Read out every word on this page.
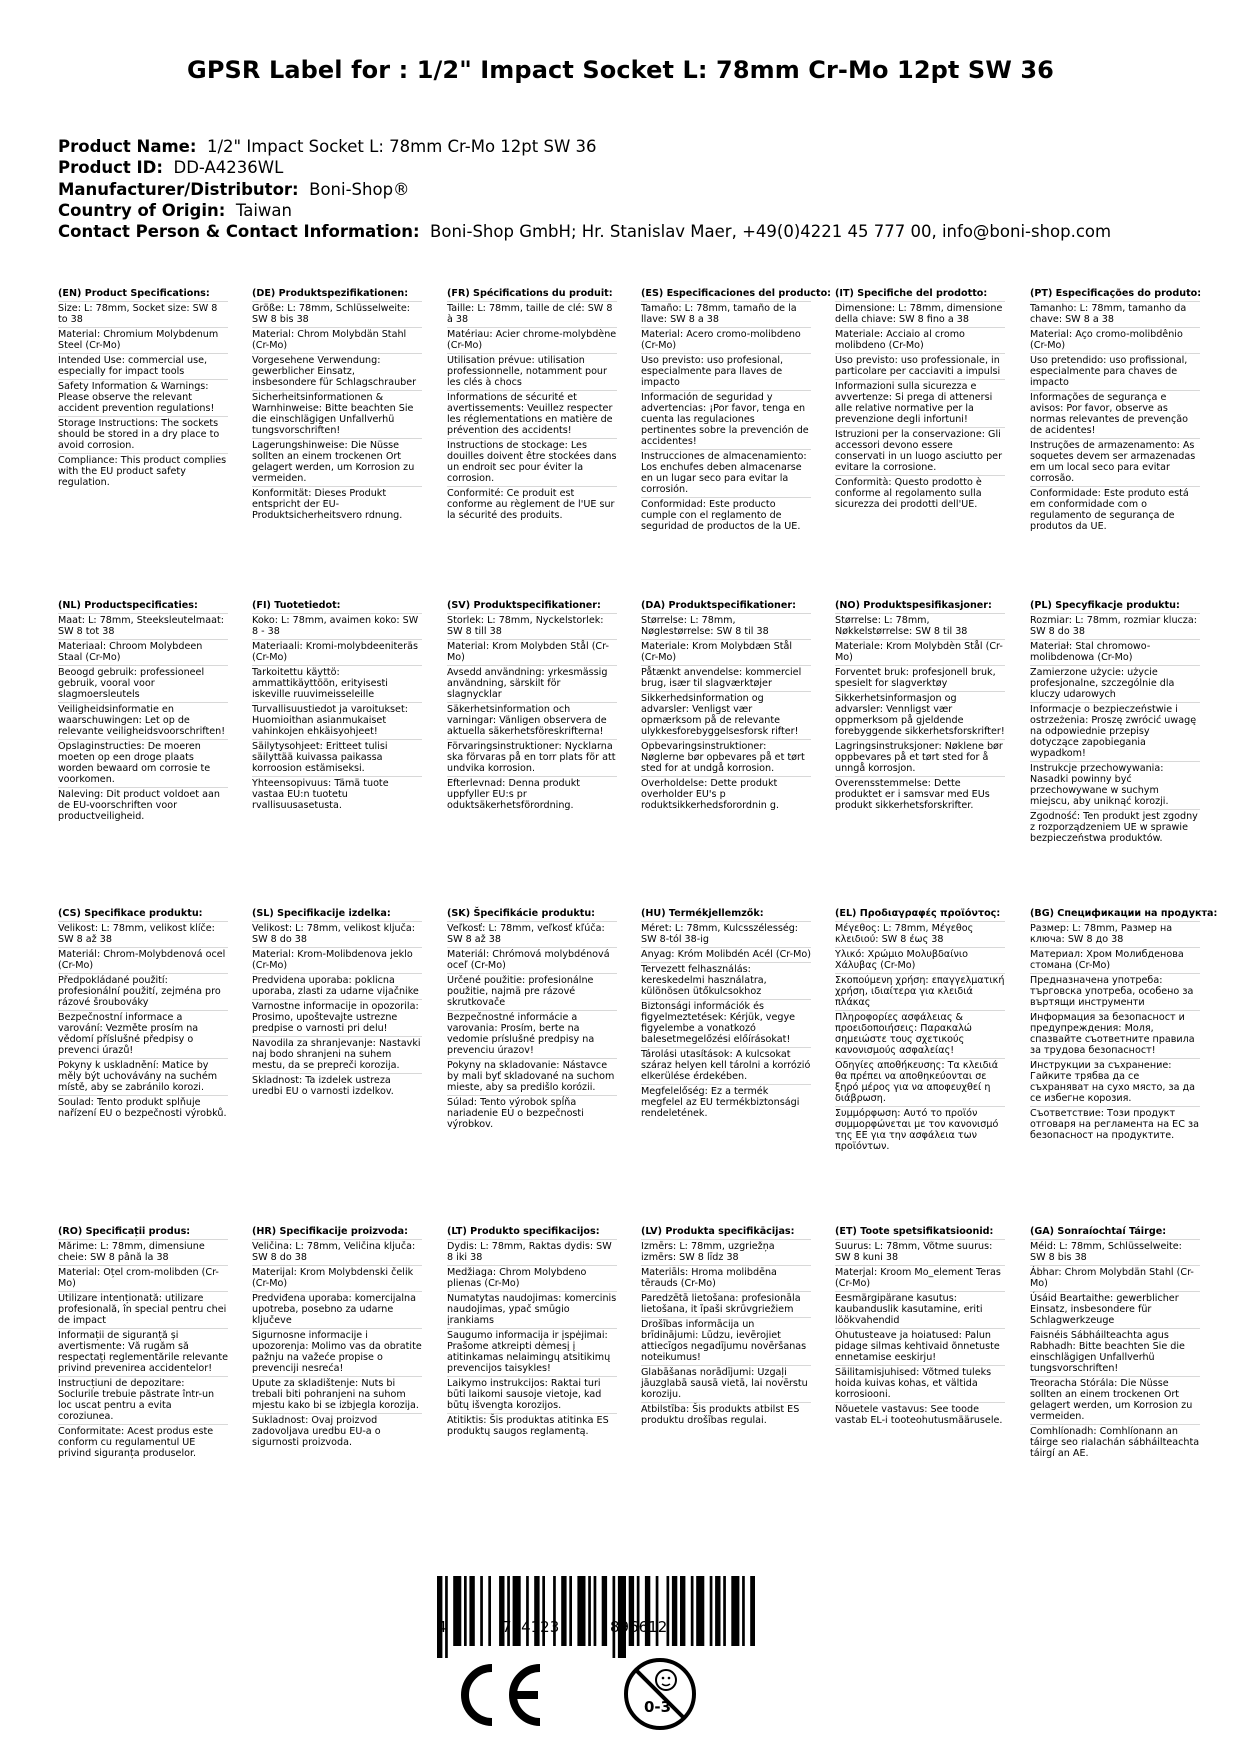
GPSR Label for : 1/2" Impact Socket L: 78mm Cr-Mo 12pt SW 36
Product Name: 1/2" Impact Socket L: 78mm Cr-Mo 12pt SW 36
Product ID: DD-A4236WL
Manufacturer/Distributor: Boni-Shop®
Country of Origin: Taiwan
Contact Person & Contact Information: Boni-Shop GmbH; Hr. Stanislav Maer, +49(0)4221 45 777 00, info@boni-shop.com
(EN) Product Specifications:
Size: L: 78mm, Socket size: SW 8 to 38
Material: Chromium Molybdenum Steel (Cr-Mo)
Intended Use: commercial use, especially for impact tools
Safety Information & Warnings: Please observe the relevant accident prevention regulations!
Storage Instructions: The sockets should be stored in a dry place to avoid corrosion.
Compliance: This product complies with the EU product safety regulation.
(DE) Produktspezifikationen:
Größe: L: 78mm, Schlüsselweite: SW 8 bis 38
Material: Chrom Molybdän Stahl (Cr-Mo)
Vorgesehene Verwendung: gewerblicher Einsatz, insbesondere für Schlagschrauber
Sicherheitsinformationen & Warnhinweise: Bitte beachten Sie die einschlägigen Unfallverhü tungsvorschriften!
Lagerungshinweise: Die Nüsse sollten an einem trockenen Ort gelagert werden, um Korrosion zu vermeiden.
Konformität: Dieses Produkt entspricht der EU-Produktsicherheitsvero rdnung.
(FR) Spécifications du produit:
Taille: L: 78mm, taille de clé: SW 8 à 38
Matériau: Acier chrome-molybdène (Cr-Mo)
Utilisation prévue: utilisation professionnelle, notamment pour les clés à chocs
Informations de sécurité et avertissements: Veuillez respecter les réglementations en matière de prévention des accidents!
Instructions de stockage: Les douilles doivent être stockées dans un endroit sec pour éviter la corrosion.
Conformité: Ce produit est conforme au règlement de l'UE sur la sécurité des produits.
(ES) Especificaciones del producto:
Tamaño: L: 78mm, tamaño de la llave: SW 8 a 38
Material: Acero cromo-molibdeno (Cr-Mo)
Uso previsto: uso profesional, especialmente para llaves de impacto
Información de seguridad y advertencias: ¡Por favor, tenga en cuenta las regulaciones pertinentes sobre la prevención de accidentes!
Instrucciones de almacenamiento: Los enchufes deben almacenarse en un lugar seco para evitar la corrosión.
Conformidad: Este producto cumple con el reglamento de seguridad de productos de la UE.
(IT) Specifiche del prodotto:
Dimensione: L: 78mm, dimensione della chiave: SW 8 fino a 38
Materiale: Acciaio al cromo molibdeno (Cr-Mo)
Uso previsto: uso professionale, in particolare per cacciaviti a impulsi
Informazioni sulla sicurezza e avvertenze: Si prega di attenersi alle relative normative per la prevenzione degli infortuni!
Istruzioni per la conservazione: Gli accessori devono essere conservati in un luogo asciutto per evitare la corrosione.
Conformità: Questo prodotto è conforme al regolamento sulla sicurezza dei prodotti dell'UE.
(PT) Especificações do produto:
Tamanho: L: 78mm, tamanho da chave: SW 8 a 38
Material: Aço cromo-molibdênio (Cr-Mo)
Uso pretendido: uso profissional, especialmente para chaves de impacto
Informações de segurança e avisos: Por favor, observe as normas relevantes de prevenção de acidentes!
Instruções de armazenamento: As soquetes devem ser armazenadas em um local seco para evitar corrosão.
Conformidade: Este produto está em conformidade com o regulamento de segurança de produtos da UE.
(NL) Productspecificaties:
Maat: L: 78mm, Steeksleutelmaat: SW 8 tot 38
Materiaal: Chroom Molybdeen Staal (Cr-Mo)
Beoogd gebruik: professioneel gebruik, vooral voor slagmoersleutels
Veiligheidsinformatie en waarschuwingen: Let op de relevante veiligheidsvoorschriften!
Opslaginstructies: De moeren moeten op een droge plaats worden bewaard om corrosie te voorkomen.
Naleving: Dit product voldoet aan de EU-voorschriften voor productveiligheid.
(FI) Tuotetiedot:
Koko: L: 78mm, avaimen koko: SW 8 - 38
Materiaali: Kromi-molybdeeniteräs (Cr-Mo)
Tarkoitettu käyttö: ammattikäyttöön, erityisesti iskeville ruuvimeisseleille
Turvallisuustiedot ja varoitukset: Huomioithan asianmukaiset vahinkojen ehkäisyohjeet!
Säilytysohjeet: Eritteet tulisi säilyttää kuivassa paikassa korroosion estämiseksi.
Yhteensopivuus: Tämä tuote vastaa EU:n tuotetu rvallisuusasetusta.
(SV) Produktspecifikationer:
Storlek: L: 78mm, Nyckelstorlek: SW 8 till 38
Material: Krom Molybden Stål (Cr-Mo)
Avsedd användning: yrkesmässig användning, särskilt för slagnycklar
Säkerhetsinformation och varningar: Vänligen observera de aktuella säkerhetsföreskrifterna!
Förvaringsinstruktioner: Nycklarna ska förvaras på en torr plats för att undvika korrosion.
Efterlevnad: Denna produkt uppfyller EU:s pr oduktsäkerhetsförordning.
(DA) Produktspecifikationer:
Størrelse: L: 78mm, Nøglestørrelse: SW 8 til 38
Materiale: Krom Molybdæn Stål (Cr-Mo)
Påtænkt anvendelse: kommerciel brug, især til slagværktøjer
Sikkerhedsinformation og advarsler: Venligst vær opmærksom på de relevante ulykkesforebyggelsesforsk rifter!
Opbevaringsinstruktioner: Nøglerne bør opbevares på et tørt sted for at undgå korrosion.
Overholdelse: Dette produkt overholder EU's p roduktsikkerhedsforordnin g.
(NO) Produktspesifikasjoner:
Størrelse: L: 78mm, Nøkkelstørrelse: SW 8 til 38
Materiale: Krom Molybdèn Stål (Cr-Mo)
Forventet bruk: profesjonell bruk, spesielt for slagverktøy
Sikkerhetsinformasjon og advarsler: Vennligst vær oppmerksom på gjeldende forebyggende sikkerhetsforskrifter!
Lagringsinstruksjoner: Nøklene bør oppbevares på et tørt sted for å unngå korrosjon.
Overensstemmelse: Dette produktet er i samsvar med EUs produkt sikkerhetsforskrifter.
(PL) Specyfikacje produktu:
Rozmiar: L: 78mm, rozmiar klucza: SW 8 do 38
Materiał: Stal chromowo-molibdenowa (Cr-Mo)
Zamierzone użycie: użycie profesjonalne, szczególnie dla kluczy udarowych
Informacje o bezpieczeństwie i ostrzeżenia: Proszę zwrócić uwagę na odpowiednie przepisy dotyczące zapobiegania wypadkom!
Instrukcje przechowywania: Nasadki powinny być przechowywane w suchym miejscu, aby uniknąć korozji.
Zgodność: Ten produkt jest zgodny z rozporządzeniem UE w sprawie bezpieczeństwa produktów.
(CS) Specifikace produktu:
Velikost: L: 78mm, velikost klíče: SW 8 až 38
Materiál: Chrom-Molybdenová ocel (Cr-Mo)
Předpokládané použití: profesionální použití, zejména pro rázové šroubováky
Bezpečnostní informace a varování: Vezměte prosím na vědomí příslušné předpisy o prevenci úrazů!
Pokyny k uskladnění: Matice by měly být uchovávány na suchém místě, aby se zabránilo korozi.
Soulad: Tento produkt splňuje nařízení EU o bezpečnosti výrobků.
(SL) Specifikacije izdelka:
Velikost: L: 78mm, velikost ključa: SW 8 do 38
Material: Krom-Molibdenova jeklo (Cr-Mo)
Predvidena uporaba: poklicna uporaba, zlasti za udarne vijačnike
Varnostne informacije in opozorila: Prosimo, upoštevajte ustrezne predpise o varnosti pri delu!
Navodila za shranjevanje: Nastavki naj bodo shranjeni na suhem mestu, da se prepreči korozija.
Skladnost: Ta izdelek ustreza uredbi EU o varnosti izdelkov.
(SK) Špecifikácie produktu:
Veľkosť: L: 78mm, veľkosť kľúča: SW 8 až 38
Materiál: Chrómová molybdénová oceľ (Cr-Mo)
Určené použitie: profesionálne použitie, najmä pre rázové skrutkovače
Bezpečnostné informácie a varovania: Prosím, berte na vedomie príslušné predpisy na prevenciu úrazov!
Pokyny na skladovanie: Nástavce by mali byť skladované na suchom mieste, aby sa predišlo korózii.
Súlad: Tento výrobok spĺňa nariadenie EÚ o bezpečnosti výrobkov.
(HU) Termékjellemzők:
Méret: L: 78mm, Kulcsszélesség: SW 8-tól 38-ig
Anyag: Króm Molibdén Acél (Cr-Mo)
Tervezett felhasználás: kereskedelmi használatra, különösen ütőkulcsokhoz
Biztonsági információk és figyelmeztetések: Kérjük, vegye figyelembe a vonatkozó balesetmegelőzési előírásokat!
Tárolási utasítások: A kulcsokat száraz helyen kell tárolni a korrózió elkerülése érdekében.
Megfelelőség: Ez a termék megfelel az EU termékbiztonsági rendeletének.
(EL) Προδιαγραφές προϊόντος:
Μέγεθος: L: 78mm, Μέγεθος κλειδιού: SW 8 έως 38
Υλικό: Χρώμιο Μολυβδαίνιο Χάλυβας (Cr-Mo)
Σκοπούμενη χρήση: επαγγελματική χρήση, ιδιαίτερα για κλειδιά πλάκας
Πληροφορίες ασφάλειας & προειδοποιήσεις: Παρακαλώ σημειώστε τους σχετικούς κανονισμούς ασφαλείας!
Οδηγίες αποθήκευσης: Τα κλειδιά θα πρέπει να αποθηκεύονται σε ξηρό μέρος για να αποφευχθεί η διάβρωση.
Συμμόρφωση: Αυτό το προϊόν συμμορφώνεται με τον κανονισμό της ΕΕ για την ασφάλεια των προϊόντων.
(BG) Спецификации на продукта:
Размер: L: 78mm, Размер на ключа: SW 8 до 38
Материал: Хром Молибденова стомана (Cr-Mo)
Предназначена употреба: търговска употреба, особено за въртящи инструменти
Информация за безопасност и предупреждения: Моля, спазвайте съответните правила за трудова безопасност!
Инструкции за съхранение: Гайките трябва да се съхраняват на сухо място, за да се избегне корозия.
Съответствие: Този продукт отговаря на регламента на ЕС за безопасност на продуктите.
(RO) Specificații produs:
Mărime: L: 78mm, dimensiune cheie: SW 8 până la 38
Material: Oțel crom-molibden (Cr-Mo)
Utilizare intenționată: utilizare profesională, în special pentru chei de impact
Informații de siguranță și avertismente: Vă rugăm să respectați reglementările relevante privind prevenirea accidentelor!
Instrucțiuni de depozitare: Soclurile trebuie păstrate într-un loc uscat pentru a evita coroziunea.
Conformitate: Acest produs este conform cu regulamentul UE privind siguranța produselor.
(HR) Specifikacije proizvoda:
Veličina: L: 78mm, Veličina ključa: SW 8 do 38
Materijal: Krom Molybdenski čelik (Cr-Mo)
Predviđena uporaba: komercijalna upotreba, posebno za udarne ključeve
Sigurnosne informacije i upozorenja: Molimo vas da obratite pažnju na važeće propise o prevenciji nesreća!
Upute za skladištenje: Nuts bi trebali biti pohranjeni na suhom mjestu kako bi se izbjegla korozija.
Sukladnost: Ovaj proizvod zadovoljava uredbu EU-a o sigurnosti proizvoda.
(LT) Produkto specifikacijos:
Dydis: L: 78mm, Raktas dydis: SW 8 iki 38
Medžiaga: Chrom Molybdeno plienas (Cr-Mo)
Numatytas naudojimas: komercinis naudojimas, ypač smūgio įrankiams
Saugumo informacija ir įspėjimai: Prašome atkreipti dėmesį į atitinkamas nelaimingų atsitikimų prevencijos taisykles!
Laikymo instrukcijos: Raktai turi būti laikomi sausoje vietoje, kad būtų išvengta korozijos.
Atitiktis: Šis produktas atitinka ES produktų saugos reglamentą.
(LV) Produkta specifikācijas:
Izmērs: L: 78mm, uzgriežņa izmērs: SW 8 līdz 38
Materiāls: Hroma molibdēna tērauds (Cr-Mo)
Paredzētā lietošana: profesionāla lietošana, it īpaši skrūvgriežiem
Drošības informācija un brīdinājumi: Lūdzu, ievērojiet attiecīgos negadījumu novēršanas noteikumus!
Glabāšanas norādījumi: Uzgaļi jāuzglabā sausā vietā, lai novērstu koroziju.
Atbilstība: Šis produkts atbilst ES produktu drošības regulai.
(ET) Toote spetsifikatsioonid:
Suurus: L: 78mm, Võtme suurus: SW 8 kuni 38
Materjal: Kroom Mo_element Teras (Cr-Mo)
Eesmärgipärane kasutus: kaubanduslik kasutamine, eriti löökvahendid
Ohutusteave ja hoiatused: Palun pidage silmas kehtivaid õnnetuste ennetamise eeskirju!
Säilitamisjuhised: Võtmed tuleks hoida kuivas kohas, et vältida korrosiooni.
Nõuetele vastavus: See toode vastab EL-i tooteohutusmäärusele.
(GA) Sonraíochtaí Táirge:
Méid: L: 78mm, Schlüsselweite: SW 8 bis 38
Ábhar: Chrom Molybdän Stahl (Cr-Mo)
Úsáid Beartaithe: gewerblicher Einsatz, insbesondere für Schlagwerkzeuge
Faisnéis Sábháilteachta agus Rabhadh: Bitte beachten Sie die einschlägigen Unfallverhü tungsvorschriften!
Treoracha Stórála: Die Nüsse sollten an einem trockenen Ort gelagert werden, um Korrosion zu vermeiden.
Comhlíonadh: Comhlíonann an táirge seo rialachán sábháilteachta táirgí an AE.
4	714123	896612
0-3
